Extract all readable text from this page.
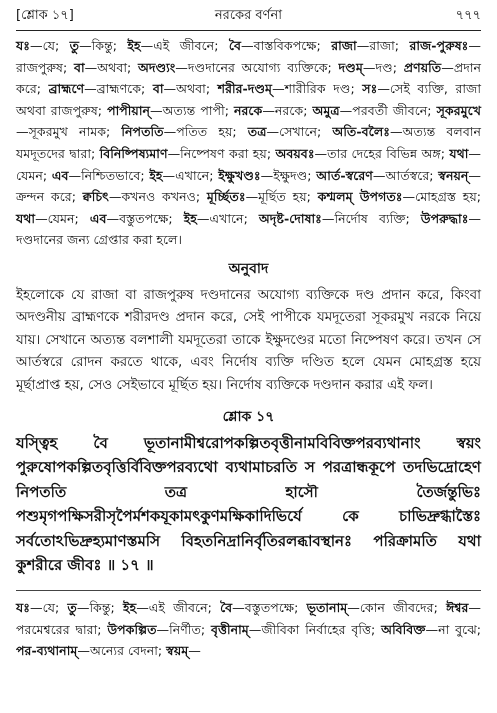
[শ্লোক ১৭]	নরকের বর্ণনা	৭৭৭

যঃ—যে; তু—কিন্তু; ইহ—এই জীবনে; বৈ—বাস্তবিকপক্ষে; রাজা—রাজা; রাজ-পুরুষঃ—রাজপুরুষ; বা—অথবা; অদণ্ড্যং—দণ্ডদানের অযোগ্য ব্যক্তিকে; দণ্ডম্—দণ্ড; প্রণয়তি—প্রদান করে; ব্রাহ্মণে—ব্রাহ্মণকে; বা—অথবা; শরীর-দণ্ডম্—শারীরিক দণ্ড; সঃ—সেই ব্যক্তি, রাজা অথবা রাজপুরুষ; পাপীয়ান্—অত্যন্ত পাপী; নরকে—নরকে; অমুত্র—পরবর্তী জীবনে; সূকরমুখে—সূকরমুখ নামক; নিপততি—পতিত হয়; তত্র—সেখানে; অতি-বলৈঃ—অত্যন্ত বলবান যমদূতদের দ্বারা; বিনিষ্পিষ্যমাণ—নিষ্পেষণ করা হয়; অবয়বঃ—তার দেহের বিভিন্ন অঙ্গ; যথা—যেমন; এব—নিশ্চিতভাবে; ইহ—এখানে; ইক্ষুখণ্ডঃ—ইক্ষুদণ্ড; আর্ত-স্বরেণ—আর্তস্বরে; স্বনয়ন্—ক্রন্দন করে; ক্বচিৎ—কখনও কখনও; মূর্চ্ছিতঃ—মূর্ছিত হয়; কশ্মলম্ উপগতঃ—মোহগ্রস্ত হয়; যথা—যেমন; এব—বস্তুতপক্ষে; ইহ—এখানে; অদৃষ্ট-দোষাঃ—নির্দোষ ব্যক্তি; উপরুদ্ধাঃ—দণ্ডদানের জন্য গ্রেপ্তার করা হলে।

অনুবাদ

ইহলোকে যে রাজা বা রাজপুরুষ দণ্ডদানের অযোগ্য ব্যক্তিকে দণ্ড প্রদান করে, কিংবা অদণ্ডনীয় ব্রাহ্মণকে শরীরদণ্ড প্রদান করে, সেই পাপীকে যমদূতেরা সূকরমুখ নরকে নিয়ে যায়। সেখানে অত্যন্ত বলশালী যমদূতেরা তাকে ইক্ষুদণ্ডের মতো নিষ্পেষণ করে। তখন সে আর্তস্বরে রোদন করতে থাকে, এবং নির্দোষ ব্যক্তি দণ্ডিত হলে যেমন মোহগ্রস্ত হয়ে মূর্ছাপ্রাপ্ত হয়, সেও সেইভাবে মূর্ছিত হয়। নির্দোষ ব্যক্তিকে দণ্ডদান করার এই ফল।

শ্লোক ১৭

যস্ত্বিহ বৈ ভূতানামীশ্বরোপকল্পিতবৃত্তীনামবিবিক্তপরব্যথানাং স্বয়ং পুরুষোপকল্পিতবৃত্তির্বিবিক্তপরব্যথো ব্যথামাচরতি স পরত্রান্ধকূপে তদভিদ্রোহেণ নিপততি তত্র হাসৌ তৈর্জন্তুভিঃ পশুমৃগপক্ষিসরীসৃপৈর্মশকযূকামৎকুণমক্ষিকাদিভির্যে কে চাভিদ্রুগ্ধাস্তৈঃ সর্বতোঽভিদ্রুহ্যমাণস্তমসি বিহতনিদ্রানির্বৃতিরলব্ধাবস্থানঃ পরিক্রামতি যথা কুশরীরে জীবঃ ॥ ১৭ ॥

যঃ—যে; তু—কিন্তু; ইহ—এই জীবনে; বৈ—বস্তুতপক্ষে; ভূতানাম্—কোন জীবদের; ঈশ্বর—পরমেশ্বরের দ্বারা; উপকল্পিত—নির্ণীত; বৃত্তীনাম্—জীবিকা নির্বাহের বৃত্তি; অবিবিক্ত—না বুঝে; পর-ব্যথানাম্—অন্যের বেদনা; স্বয়ম্—
